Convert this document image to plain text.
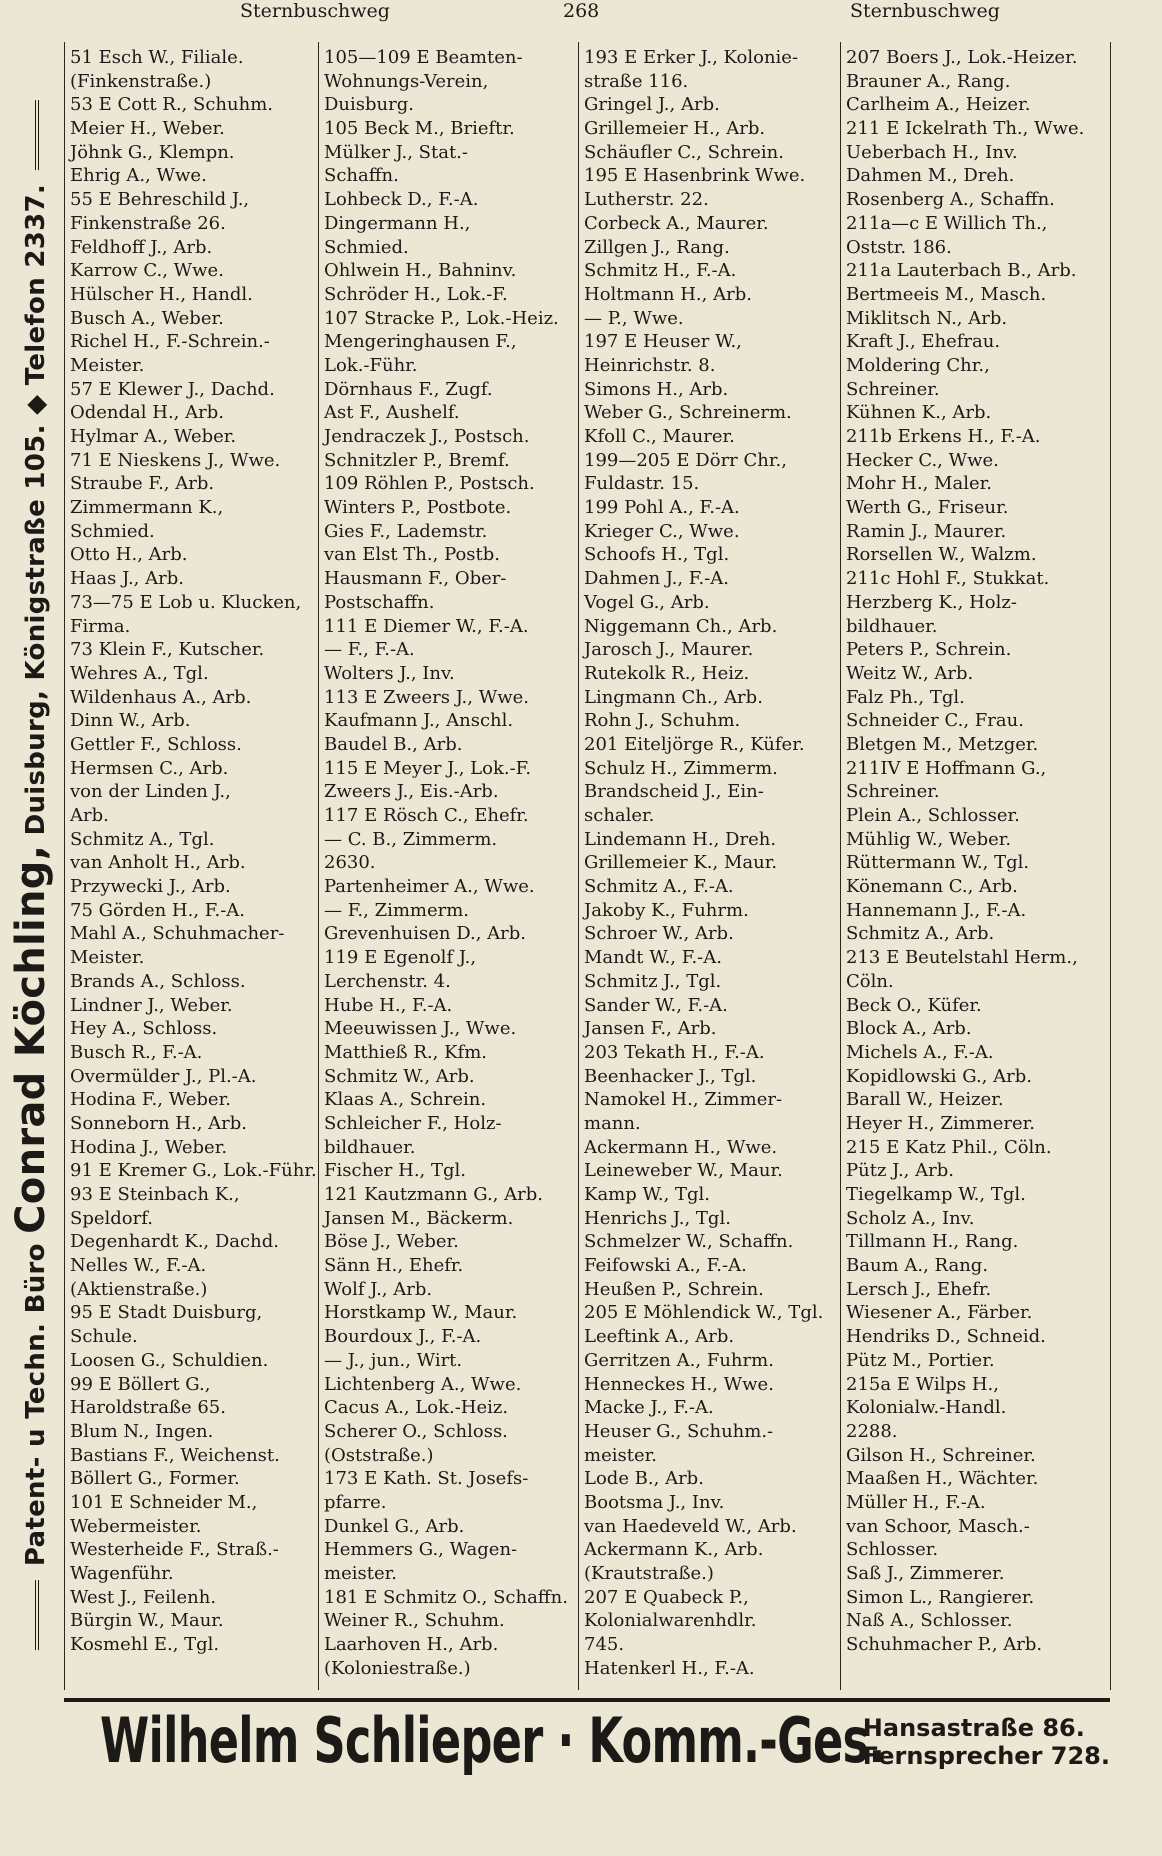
Sternbuschweg	268	Sternbuschweg
Patent- u Techn. Büro Conrad Köchling, Duisburg, Königstraße 105. ◆ Telefon 2337.
51 Esch W., Filiale.
(Finkenstraße.)
53 E Cott R., Schuhm.
Meier H., Weber.
Jöhnk G., Klempn.
Ehrig A., Wwe.
55 E Behreschild J.,
Finkenstraße 26.
Feldhoff J., Arb.
Karrow C., Wwe.
Hülscher H., Handl.
Busch A., Weber.
Richel H., F.-Schrein.-
Meister.
57 E Klewer J., Dachd.
Odendal H., Arb.
Hylmar A., Weber.
71 E Nieskens J., Wwe.
Straube F., Arb.
Zimmermann K.,
Schmied.
Otto H., Arb.
Haas J., Arb.
73—75 E Lob u. Klucken,
Firma.
73 Klein F., Kutscher.
Wehres A., Tgl.
Wildenhaus A., Arb.
Dinn W., Arb.
Gettler F., Schloss.
Hermsen C., Arb.
von der Linden J.,
Arb.
Schmitz A., Tgl.
van Anholt H., Arb.
Przywecki J., Arb.
75 Görden H., F.-A.
Mahl A., Schuhmacher-
Meister.
Brands A., Schloss.
Lindner J., Weber.
Hey A., Schloss.
Busch R., F.-A.
Overmülder J., Pl.-A.
Hodina F., Weber.
Sonneborn H., Arb.
Hodina J., Weber.
91 E Kremer G., Lok.-Führ.
93 E Steinbach K.,
Speldorf.
Degenhardt K., Dachd.
Nelles W., F.-A.
(Aktienstraße.)
95 E Stadt Duisburg,
Schule.
Loosen G., Schuldien.
99 E Böllert G.,
Haroldstraße 65.
Blum N., Ingen.
Bastians F., Weichenst.
Böllert G., Former.
101 E Schneider M.,
Webermeister.
Westerheide F., Straß.-
Wagenführ.
West J., Feilenh.
Bürgin W., Maur.
Kosmehl E., Tgl.
105—109 E Beamten-
Wohnungs-Verein,
Duisburg.
105 Beck M., Brieftr.
Mülker J., Stat.-
Schaffn.
Lohbeck D., F.-A.
Dingermann H.,
Schmied.
Ohlwein H., Bahninv.
Schröder H., Lok.-F.
107 Stracke P., Lok.-Heiz.
Mengeringhausen F.,
Lok.-Führ.
Dörnhaus F., Zugf.
Ast F., Aushelf.
Jendraczek J., Postsch.
Schnitzler P., Bremf.
109 Röhlen P., Postsch.
Winters P., Postbote.
Gies F., Lademstr.
van Elst Th., Postb.
Hausmann F., Ober-
Postschaffn.
111 E Diemer W., F.-A.
— F., F.-A.
Wolters J., Inv.
113 E Zweers J., Wwe.
Kaufmann J., Anschl.
Baudel B., Arb.
115 E Meyer J., Lok.-F.
Zweers J., Eis.-Arb.
117 E Rösch C., Ehefr.
— C. B., Zimmerm.
2630.
Partenheimer A., Wwe.
— F., Zimmerm.
Grevenhuisen D., Arb.
119 E Egenolf J.,
Lerchenstr. 4.
Hube H., F.-A.
Meeuwissen J., Wwe.
Matthieß R., Kfm.
Schmitz W., Arb.
Klaas A., Schrein.
Schleicher F., Holz-
bildhauer.
Fischer H., Tgl.
121 Kautzmann G., Arb.
Jansen M., Bäckerm.
Böse J., Weber.
Sänn H., Ehefr.
Wolf J., Arb.
Horstkamp W., Maur.
Bourdoux J., F.-A.
— J., jun., Wirt.
Lichtenberg A., Wwe.
Cacus A., Lok.-Heiz.
Scherer O., Schloss.
(Oststraße.)
173 E Kath. St. Josefs-
pfarre.
Dunkel G., Arb.
Hemmers G., Wagen-
meister.
181 E Schmitz O., Schaffn.
Weiner R., Schuhm.
Laarhoven H., Arb.
(Koloniestraße.)
193 E Erker J., Kolonie-
straße 116.
Gringel J., Arb.
Grillemeier H., Arb.
Schäufler C., Schrein.
195 E Hasenbrink Wwe.
Lutherstr. 22.
Corbeck A., Maurer.
Zillgen J., Rang.
Schmitz H., F.-A.
Holtmann H., Arb.
— P., Wwe.
197 E Heuser W.,
Heinrichstr. 8.
Simons H., Arb.
Weber G., Schreinerm.
Kfoll C., Maurer.
199—205 E Dörr Chr.,
Fuldastr. 15.
199 Pohl A., F.-A.
Krieger C., Wwe.
Schoofs H., Tgl.
Dahmen J., F.-A.
Vogel G., Arb.
Niggemann Ch., Arb.
Jarosch J., Maurer.
Rutekolk R., Heiz.
Lingmann Ch., Arb.
Rohn J., Schuhm.
201 Eiteljörge R., Küfer.
Schulz H., Zimmerm.
Brandscheid J., Ein-
schaler.
Lindemann H., Dreh.
Grillemeier K., Maur.
Schmitz A., F.-A.
Jakoby K., Fuhrm.
Schroer W., Arb.
Mandt W., F.-A.
Schmitz J., Tgl.
Sander W., F.-A.
Jansen F., Arb.
203 Tekath H., F.-A.
Beenhacker J., Tgl.
Namokel H., Zimmer-
mann.
Ackermann H., Wwe.
Leineweber W., Maur.
Kamp W., Tgl.
Henrichs J., Tgl.
Schmelzer W., Schaffn.
Feifowski A., F.-A.
Heußen P., Schrein.
205 E Möhlendick W., Tgl.
Leeftink A., Arb.
Gerritzen A., Fuhrm.
Henneckes H., Wwe.
Macke J., F.-A.
Heuser G., Schuhm.-
meister.
Lode B., Arb.
Bootsma J., Inv.
van Haedeveld W., Arb.
Ackermann K., Arb.
(Krautstraße.)
207 E Quabeck P.,
Kolonialwarenhdlr.
745.
Hatenkerl H., F.-A.
207 Boers J., Lok.-Heizer.
Brauner A., Rang.
Carlheim A., Heizer.
211 E Ickelrath Th., Wwe.
Ueberbach H., Inv.
Dahmen M., Dreh.
Rosenberg A., Schaffn.
211a—c E Willich Th.,
Oststr. 186.
211a Lauterbach B., Arb.
Bertmeeis M., Masch.
Miklitsch N., Arb.
Kraft J., Ehefrau.
Moldering Chr.,
Schreiner.
Kühnen K., Arb.
211b Erkens H., F.-A.
Hecker C., Wwe.
Mohr H., Maler.
Werth G., Friseur.
Ramin J., Maurer.
Rorsellen W., Walzm.
211c Hohl F., Stukkat.
Herzberg K., Holz-
bildhauer.
Peters P., Schrein.
Weitz W., Arb.
Falz Ph., Tgl.
Schneider C., Frau.
Bletgen M., Metzger.
211IV E Hoffmann G.,
Schreiner.
Plein A., Schlosser.
Mühlig W., Weber.
Rüttermann W., Tgl.
Könemann C., Arb.
Hannemann J., F.-A.
Schmitz A., Arb.
213 E Beutelstahl Herm.,
Cöln.
Beck O., Küfer.
Block A., Arb.
Michels A., F.-A.
Kopidlowski G., Arb.
Barall W., Heizer.
Heyer H., Zimmerer.
215 E Katz Phil., Cöln.
Pütz J., Arb.
Tiegelkamp W., Tgl.
Scholz A., Inv.
Tillmann H., Rang.
Baum A., Rang.
Lersch J., Ehefr.
Wiesener A., Färber.
Hendriks D., Schneid.
Pütz M., Portier.
215a E Wilps H.,
Kolonialw.-Handl.
2288.
Gilson H., Schreiner.
Maaßen H., Wächter.
Müller H., F.-A.
van Schoor, Masch.-
Schlosser.
Saß J., Zimmerer.
Simon L., Rangierer.
Naß A., Schlosser.
Schuhmacher P., Arb.
Wilhelm Schlieper · Komm.-Ges.
Hansastraße 86.
Fernsprecher 728.
